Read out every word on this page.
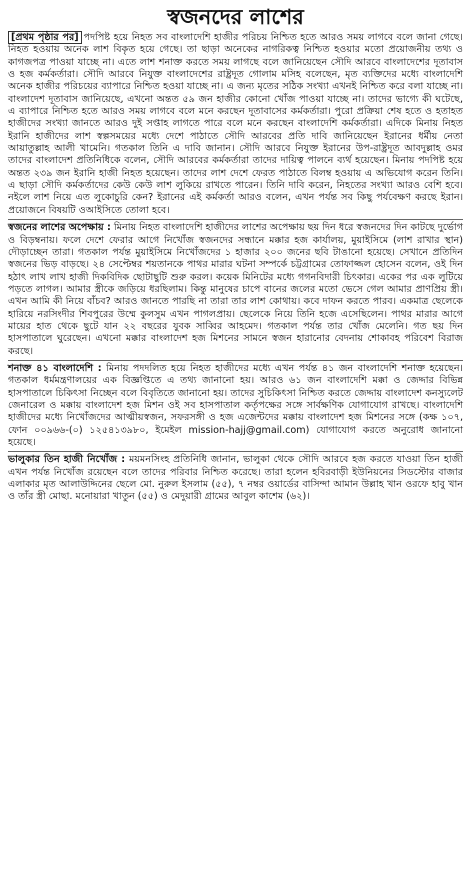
স্বজনদের লাশের

[প্রথম পৃষ্ঠার পর] পদপিষ্ট হয়ে নিহত সব বাংলাদেশি হাজীর পরিচয় নিশ্চিত হতে আরও সময় লাগবে বলে জানা গেছে। নিহত হওয়ায় অনেক লাশ বিকৃত হয়ে গেছে। তা ছাড়া অনেকের নাগরিকত্ব নিশ্চিত হওয়ার মতো প্রয়োজনীয় তথ্য ও কাগজপত্র পাওয়া যাচ্ছে না। এতে লাশ শনাক্ত করতে সময় লাগছে বলে জানিয়েছেন সৌদি আরবে বাংলাদেশের দূতাবাস ও হজ কর্মকর্তারা। সৌদি আরবে নিযুক্ত বাংলাদেশের রাষ্ট্রদূত গোলাম মসিহ বলেছেন, মৃত ব্যক্তিদের মধ্যে বাংলাদেশি অনেক হাজীর পরিচয়ের ব্যাপারে নিশ্চিত হওয়া যাচ্ছে না। এ জন্য মৃতের সঠিক সংখ্যা এখনই নিশ্চিত করে বলা যাচ্ছে না। বাংলাদেশ দূতাবাস জানিয়েছে, এখনো অন্তত ৫৯ জন হাজীর কোনো খোঁজ পাওয়া যাচ্ছে না। তাদের ভাগ্যে কী ঘটেছে, এ ব্যাপারে নিশ্চিত হতে আরও সময় লাগবে বলে মনে করছেন দূতাবাসের কর্মকর্তারা। পুরো প্রক্রিয়া শেষ হতে ও হতাহত হাজীদের সংখ্যা জানতে আরও দুই সপ্তাহ লাগতে পারে বলে মনে করছেন বাংলাদেশি কর্মকর্তারা। এদিকে মিনায় নিহত ইরানি হাজীদের লাশ স্বল্পসময়ের মধ্যে দেশে পাঠাতে সৌদি আরবের প্রতি দাবি জানিয়েছেন ইরানের ধর্মীয় নেতা আয়াতুল্লাহ আলী খামেনি। গতকাল তিনি এ দাবি জানান। সৌদি আরবে নিযুক্ত ইরানের উপ-রাষ্ট্রদূত আবদুল্লাহ ওমর তাদের বাংলাদেশ প্রতিনিধিকে বলেন, সৌদি আরবের কর্মকর্তারা তাদের দায়িত্ব পালনে ব্যর্থ হয়েছেন। মিনায় পদপিষ্ট হয়ে অন্তত ২৩৯ জন ইরানি হাজী নিহত হয়েছেন। তাদের লাশ দেশে ফেরত পাঠাতে বিলম্ব হওয়ায় এ অভিযোগ করেন তিনি। এ ছাড়া সৌদি কর্মকর্তাদের কেউ কেউ লাশ লুকিয়ে রাখতে পারেন। তিনি দাবি করেন, নিহতের সংখ্যা আরও বেশি হবে। নইলে লাশ নিয়ে এত লুকোচুরি কেন? ইরানের এই কর্মকর্তা আরও বলেন, এখন পর্যন্ত সব কিছু পর্যবেক্ষণ করছে ইরান। প্রয়োজনে বিষয়টি ওআইসিতে তোলা হবে।

স্বজনের লাশের অপেক্ষায় : মিনায় নিহত বাংলাদেশি হাজীদের লাশের অপেক্ষায় ছয় দিন ধরে স্বজনদের দিন কাটছে দুর্ভোগ ও বিড়ম্বনায়। ফলে দেশে ফেরার আগে নিখোঁজ স্বজনদের সন্ধানে মক্কার হজ কার্যালয়, মুয়াইসিমে (লাশ রাখার স্থান) দৌড়াচ্ছেন তারা। গতকাল পর্যন্ত মুয়াইসিমে নিখোঁজদের ১ হাজার ২০০ জনের ছবি টাঙানো হয়েছে। সেখানে প্রতিদিন স্বজনের ভিড় বাড়ছে। ২৪ সেপ্টেম্বর শয়তানকে পাথর মারার ঘটনা সম্পর্কে চট্টগ্রামের তোফাজ্জল হোসেন বলেন, ওই দিন হঠাৎ লাখ লাখ হাজী দিকবিদিক ছোটাছুটি শুরু করল। কয়েক মিনিটের মধ্যে গগনবিদারী চিৎকার। একের পর এক লুটিয়ে পড়তে লাগল। আমার স্ত্রীকে জড়িয়ে ধরছিলাম। কিন্তু মানুষের চাপে বানের জলের মতো ভেসে গেল আমার প্রাণপ্রিয় স্ত্রী। এখন আমি কী নিয়ে বাঁচব? আরও জানতে পারছি না তারা তার লাশ কোথায়। কবে দাফন করতে পারব। একমাত্র ছেলেকে হারিয়ে নরসিংদীর শিবপুরের উম্মে কুলসুম এখন পাগলপ্রায়। ছেলেকে নিয়ে তিনি হজে এসেছিলেন। পাথর মারার আগে মায়ের হাত থেকে ছুটে যান ২২ বছরের যুবক সাব্বির আহমেদ। গতকাল পর্যন্ত তার খোঁজ মেলেনি। গত ছয় দিন হাসপাতালে ঘুরেছেন। এখনো মক্কার বাংলাদেশ হজ মিশনের সামনে স্বজন হারানোর বেদনায় শোকাবহ পরিবেশ বিরাজ করছে।

শনাক্ত ৪১ বাংলাদেশি : মিনায় পদদলিত হয়ে নিহত হাজীদের মধ্যে এখন পর্যন্ত ৪১ জন বাংলাদেশি শনাক্ত হয়েছেন। গতকাল ধর্মমন্ত্রণালয়ের এক বিজ্ঞপ্তিতে এ তথ্য জানানো হয়। আরও ৬১ জন বাংলাদেশি মক্কা ও জেদ্দার বিভিন্ন হাসপাতালে চিকিৎসা নিচ্ছেন বলে বিবৃতিতে জানানো হয়। তাদের সুচিকিৎসা নিশ্চিত করতে জেদ্দায় বাংলাদেশ কনস্যুলেট জেনারেল ও মক্কায় বাংলাদেশ হজ মিশন ওই সব হাসপাতাল কর্তৃপক্ষের সঙ্গে সার্বক্ষণিক যোগাযোগ রাখছে। বাংলাদেশি হাজীদের মধ্যে নিখোঁজদের আত্মীয়স্বজন, সফরসঙ্গী ও হজ এজেন্টদের মক্কায় বাংলাদেশ হজ মিশনের সঙ্গে (কক্ষ ১০৭, ফোন ০০৯৬৬-(০) ১২৫৪১৩৯৮০, ইমেইল mission-hajj@gmail.com) যোগাযোগ করতে অনুরোধ জানানো হয়েছে।

ভালুকার তিন হাজী নিখোঁজ : ময়মনসিংহ প্রতিনিধি জানান, ভালুকা থেকে সৌদি আরবে হজ করতে যাওয়া তিন হাজী এখন পর্যন্ত নিখোঁজ রয়েছেন বলে তাদের পরিবার নিশ্চিত করেছে। তারা হলেন হবিরবাড়ী ইউনিয়নের সিডস্টোর বাজার এলাকার মৃত আলাউদ্দিনের ছেলে মো. নুরুল ইসলাম (৫৫), ৭ নম্বর ওয়ার্ডের বাসিন্দা আমান উল্লাহ খান ওরফে হাবু খান ও তাঁর স্ত্রী মোছা. মনোয়ারা খাতুন (৫৫) ও মেদুয়ারী গ্রামের আবুল কাশেম (৬২)।
